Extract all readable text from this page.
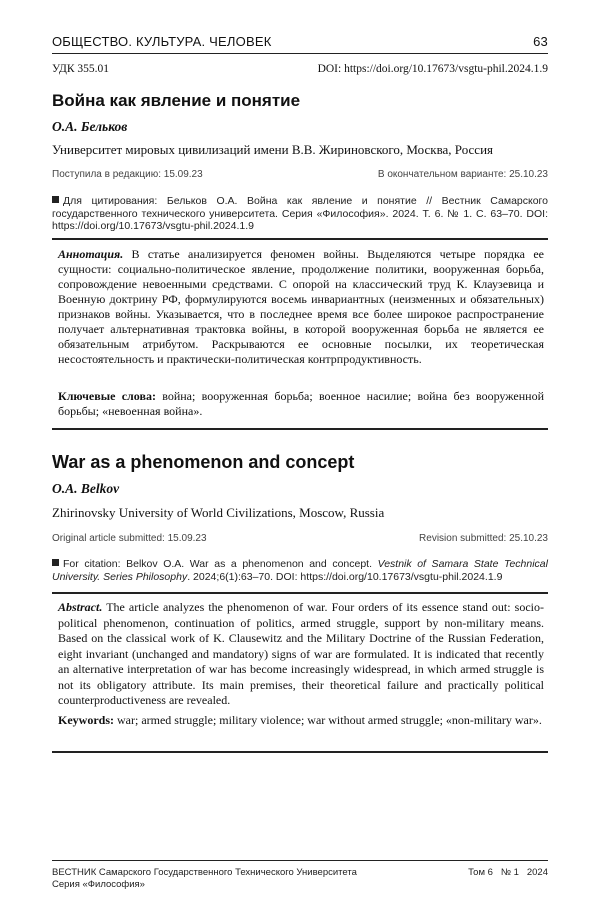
ОБЩЕСТВО. КУЛЬТУРА. ЧЕЛОВЕК	63
УДК 355.01	DOI: https://doi.org/10.17673/vsgtu-phil.2024.1.9
Война как явление и понятие
О.А. Бельков
Университет мировых цивилизаций имени В.В. Жириновского, Москва, Россия
Поступила в редакцию: 15.09.23	В окончательном варианте: 25.10.23
Для цитирования: Бельков О.А. Война как явление и понятие // Вестник Самарского государственного технического университета. Серия «Философия». 2024. Т. 6. № 1. С. 63–70. DOI: https://doi.org/10.17673/vsgtu-phil.2024.1.9
Аннотация. В статье анализируется феномен войны. Выделяются четыре порядка ее сущности: социально-политическое явление, продолжение политики, вооруженная борьба, сопровождение невоенными средствами. С опорой на классический труд К. Клаузевица и Военную доктрину РФ, формулируются восемь инвариантных (неизменных и обязательных) признаков войны. Указывается, что в последнее время все более широкое распространение получает альтернативная трактовка войны, в которой вооруженная борьба не является ее обязательным атрибутом. Раскрываются ее основные посылки, их теоретическая несостоятельность и практически-политическая контрпродуктивность.
Ключевые слова: война; вооруженная борьба; военное насилие; война без вооруженной борьбы; «невоенная война».
War as a phenomenon and concept
O.A. Belkov
Zhirinovsky University of World Civilizations, Moscow, Russia
Original article submitted: 15.09.23	Revision submitted: 25.10.23
For citation: Belkov O.A. War as a phenomenon and concept. Vestnik of Samara State Technical University. Series Philosophy. 2024;6(1):63–70. DOI: https://doi.org/10.17673/vsgtu-phil.2024.1.9
Abstract. The article analyzes the phenomenon of war. Four orders of its essence stand out: socio-political phenomenon, continuation of politics, armed struggle, support by non-military means. Based on the classical work of K. Clausewitz and the Military Doctrine of the Russian Federation, eight invariant (unchanged and mandatory) signs of war are formulated. It is indicated that recently an alternative interpretation of war has become increasingly widespread, in which armed struggle is not its obligatory attribute. Its main premises, their theoretical failure and practically political counterproductiveness are revealed.
Keywords: war; armed struggle; military violence; war without armed struggle; «non-military war».
ВЕСТНИК Самарского Государственного Технического Университета
Серия «Философия»
Том 6   № 1   2024
